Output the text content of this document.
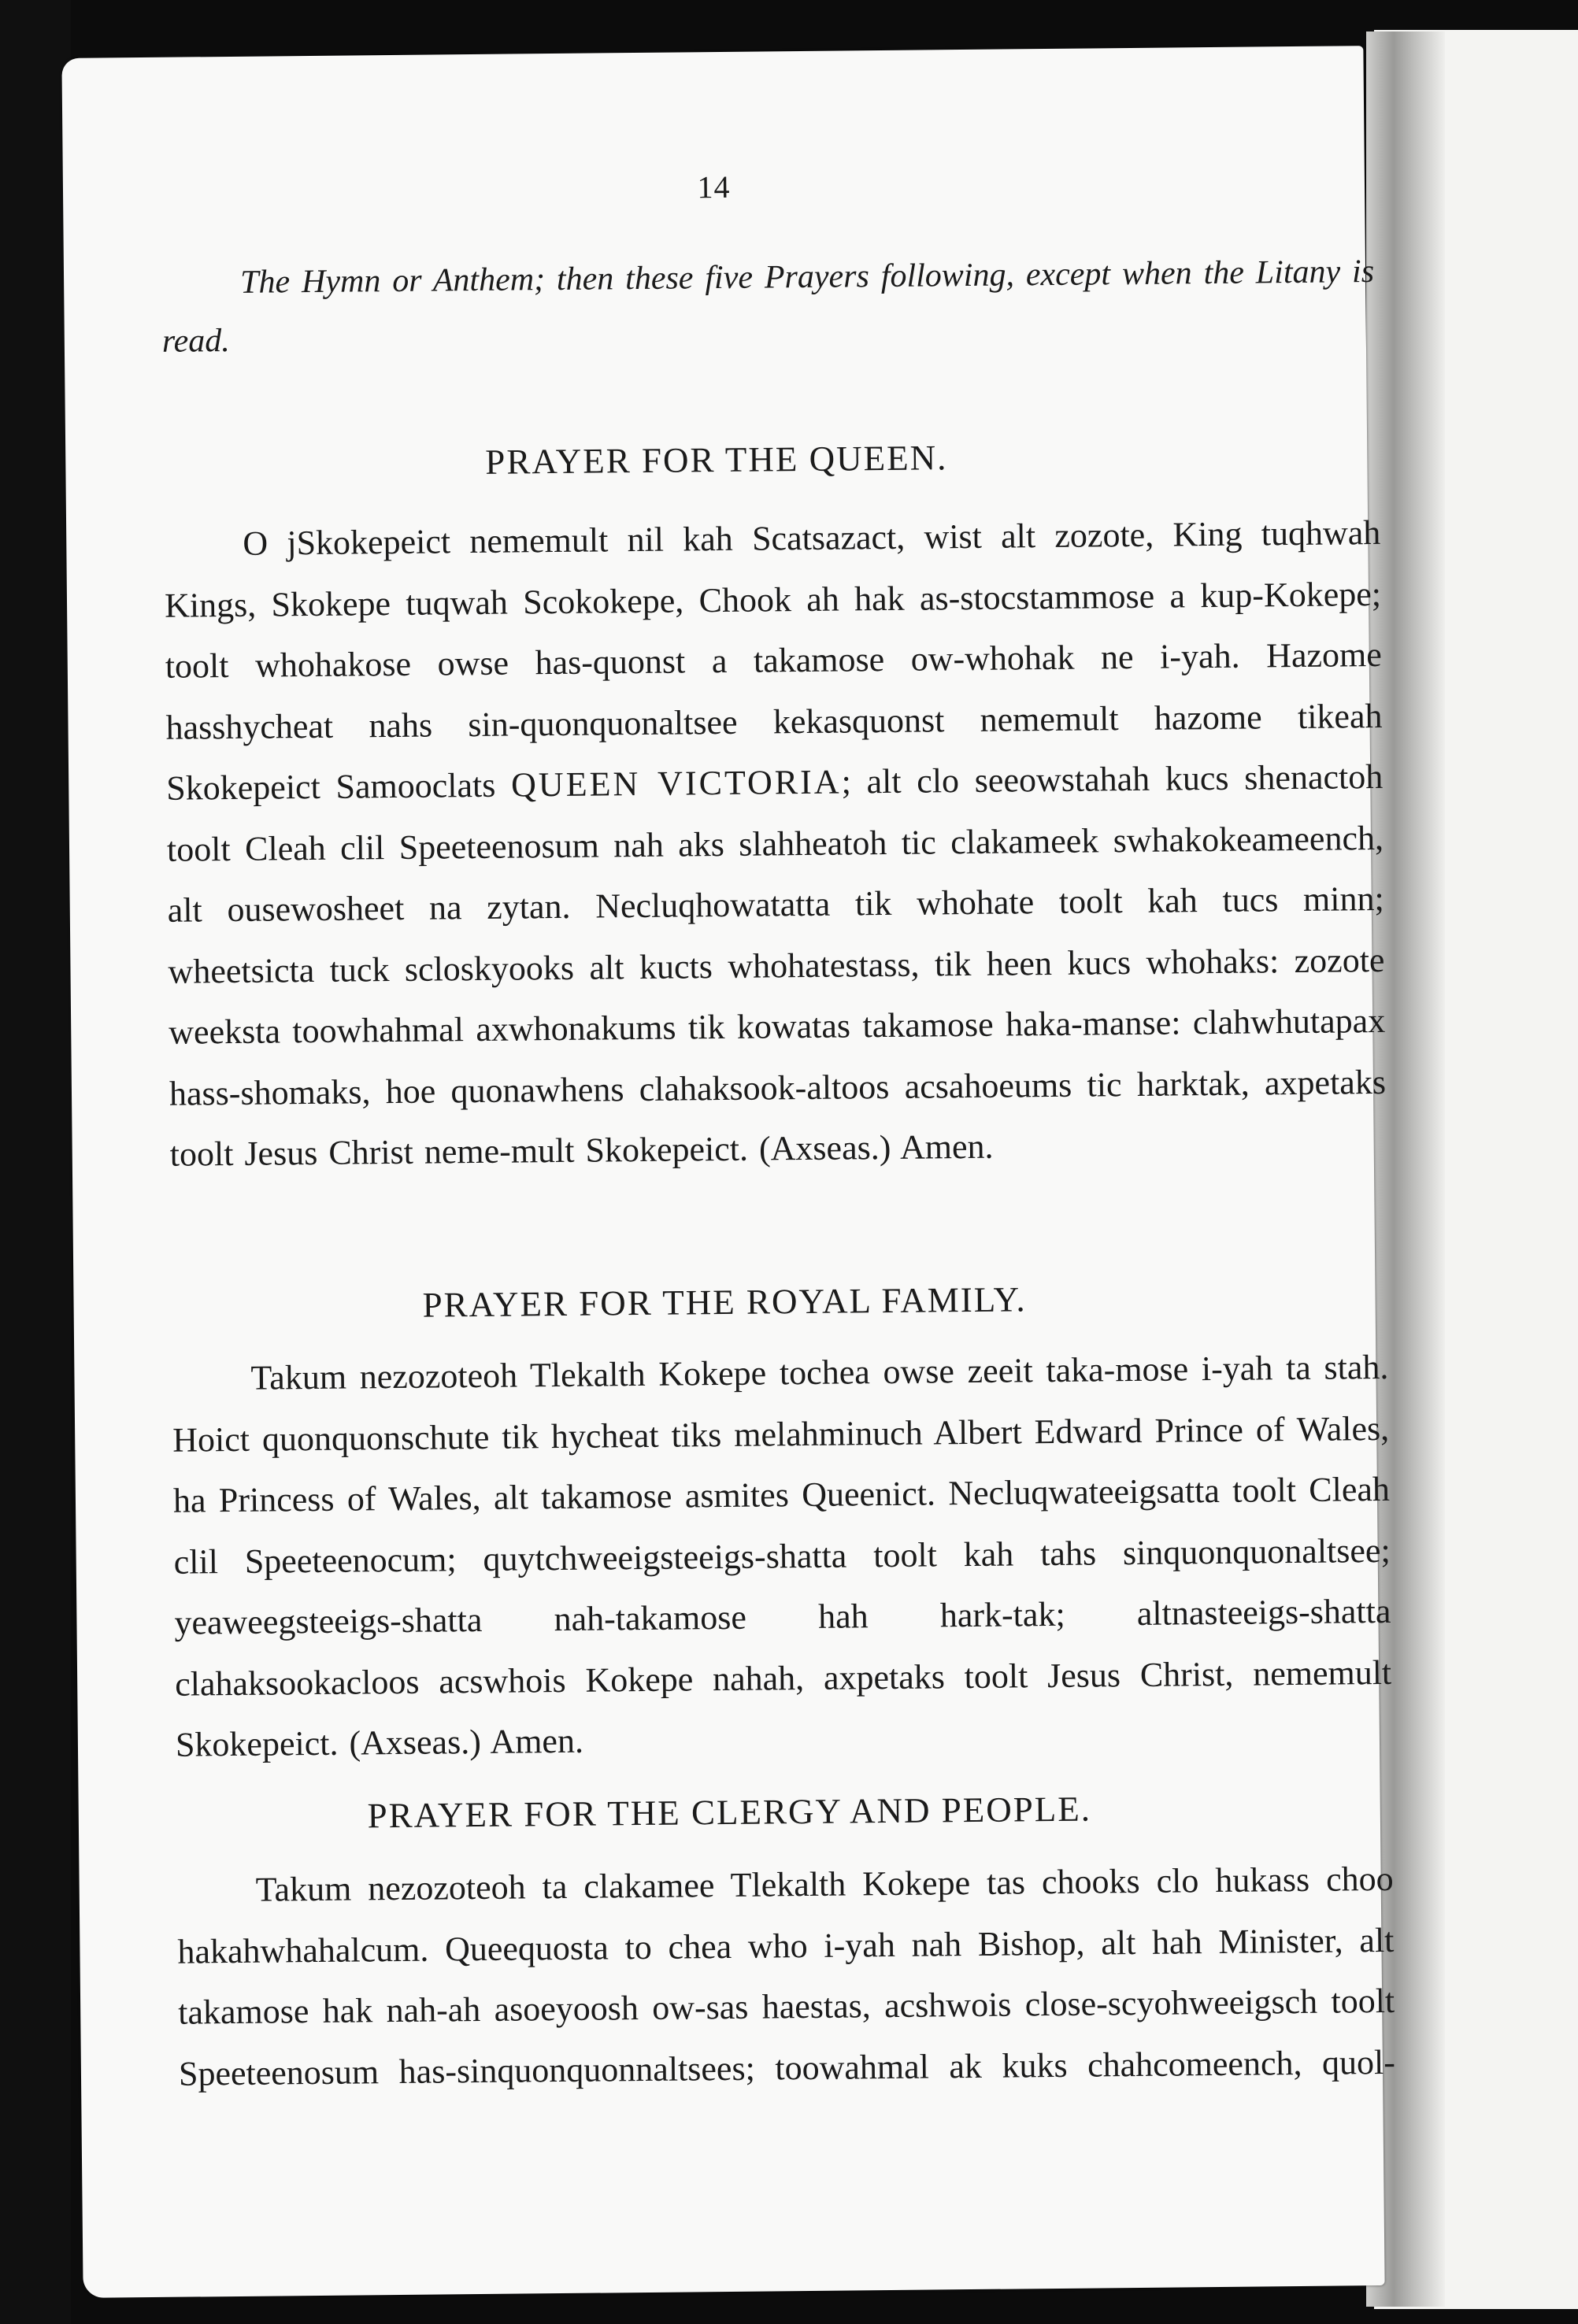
14
The Hymn or Anthem; then these five Prayers following, except when the Litany is read.
PRAYER FOR THE QUEEN.
O jSkokepeict nememult nil kah Scatsazact, wist alt zozote, King tuqhwah Kings, Skokepe tuqwah Scokokepe, Chook ah hak as-stocstammose a kup-Kokepe; toolt whohakose owse has-quonst a takamose ow-whohak ne i-yah. Hazome hasshycheat nahs sin-quonquonaltsee kekasquonst nememult hazome tikeah Skokepeict Samooclats QUEEN VICTORIA; alt clo seeowstahah kucs shenactoh toolt Cleah clil Speeteenosum nah aks slahheatoh tic clakameek swhakokeameench, alt ousewosheet na zytan. Necluqhowatatta tik whohate toolt kah tucs minn; wheetsicta tuck scloskyooks alt kucts whohatestass, tik heen kucs whohaks: zozote weeksta toowhahmal axwhonakums tik kowatas takamose haka-manse: clahwhutapax hass-shomaks, hoe quonawhens clahaksook-altoos acsahoeums tic harktak, axpetaks toolt Jesus Christ neme-mult Skokepeict. (Axseas.) Amen.
PRAYER FOR THE ROYAL FAMILY.
Takum nezozoteoh Tlekalth Kokepe tochea owse zeeit taka-mose i-yah ta stah. Hoict quonquonschute tik hycheat tiks melahminuch Albert Edward Prince of Wales, ha Princess of Wales, alt takamose asmites Queenict. Necluqwateeigsatta toolt Cleah clil Speeteenocum; quytchweeigsteeigs-shatta toolt kah tahs sinquonquonaltsee; yeaweegsteeigs-shatta nah-takamose hah hark-tak; altnasteeigs-shatta clahaksookacloos acswhois Kokepe nahah, axpetaks toolt Jesus Christ, nememult Skokepeict. (Axseas.) Amen.
PRAYER FOR THE CLERGY AND PEOPLE.
Takum nezozoteoh ta clakamee Tlekalth Kokepe tas chooks clo hukass choo hakahwhahalcum. Queequosta to chea who i-yah nah Bishop, alt hah Minister, alt takamose hak nah-ah asoeyoosh ow-sas haestas, acshwois close-scyohweeigsch toolt Speeteenosum has-sinquonquonnaltsees; toowahmal ak kuks chahcomeench, quol-
